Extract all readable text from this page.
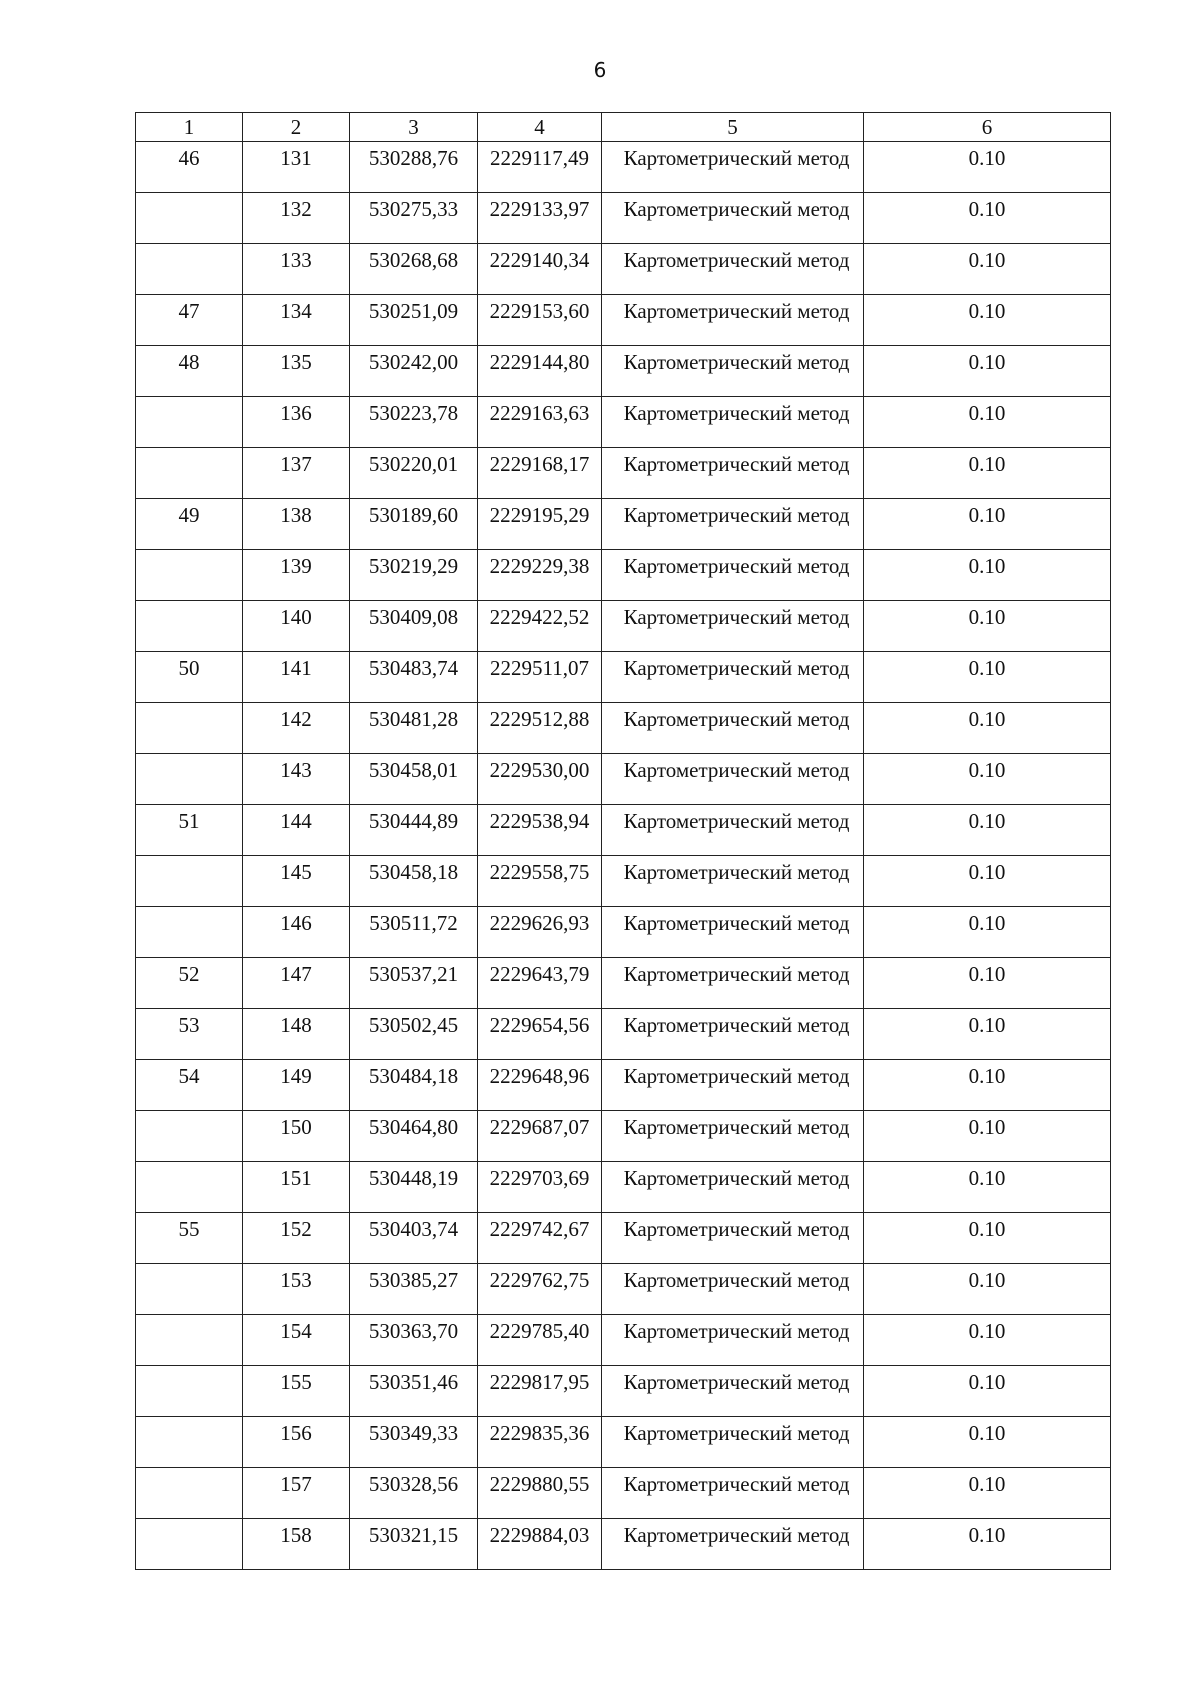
6
1	2	3	4	5	6
46	131	530288,76	2229117,49	Картометрический метод	0.10
	132	530275,33	2229133,97	Картометрический метод	0.10
	133	530268,68	2229140,34	Картометрический метод	0.10
47	134	530251,09	2229153,60	Картометрический метод	0.10
48	135	530242,00	2229144,80	Картометрический метод	0.10
	136	530223,78	2229163,63	Картометрический метод	0.10
	137	530220,01	2229168,17	Картометрический метод	0.10
49	138	530189,60	2229195,29	Картометрический метод	0.10
	139	530219,29	2229229,38	Картометрический метод	0.10
	140	530409,08	2229422,52	Картометрический метод	0.10
50	141	530483,74	2229511,07	Картометрический метод	0.10
	142	530481,28	2229512,88	Картометрический метод	0.10
	143	530458,01	2229530,00	Картометрический метод	0.10
51	144	530444,89	2229538,94	Картометрический метод	0.10
	145	530458,18	2229558,75	Картометрический метод	0.10
	146	530511,72	2229626,93	Картометрический метод	0.10
52	147	530537,21	2229643,79	Картометрический метод	0.10
53	148	530502,45	2229654,56	Картометрический метод	0.10
54	149	530484,18	2229648,96	Картометрический метод	0.10
	150	530464,80	2229687,07	Картометрический метод	0.10
	151	530448,19	2229703,69	Картометрический метод	0.10
55	152	530403,74	2229742,67	Картометрический метод	0.10
	153	530385,27	2229762,75	Картометрический метод	0.10
	154	530363,70	2229785,40	Картометрический метод	0.10
	155	530351,46	2229817,95	Картометрический метод	0.10
	156	530349,33	2229835,36	Картометрический метод	0.10
	157	530328,56	2229880,55	Картометрический метод	0.10
	158	530321,15	2229884,03	Картометрический метод	0.10
